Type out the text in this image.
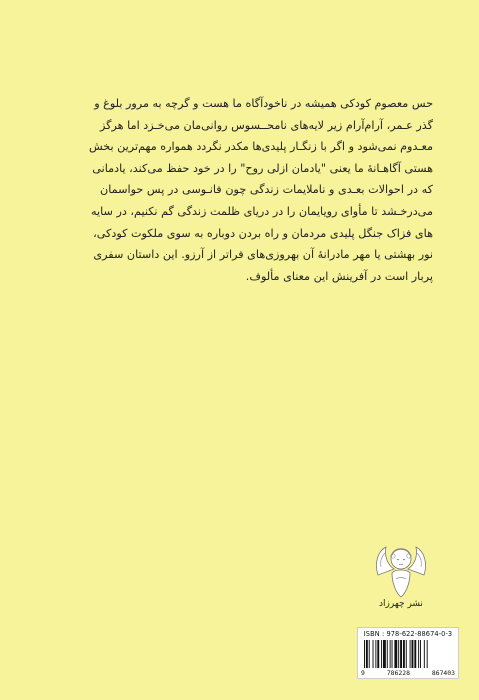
حس معصوم کودکی همیشه در ناخودآگاه ما هست و گرچه به مرور بلوغ و
گذر عـمر، آرام‌آرام زیر لایه‌های نامحــسوس روانی‌مان می‌خـزد اما هرگز
معـدوم نمی‌شود و اگر با زنگـار پلیدی‌ها مکدر نگردد همواره مهم‌ترین بخش
هستی آگاهـانهٔ ما یعنی "یادمان ازلی روح" را در خود حفظ می‌کند، یادمانی
که در احوالات بعـدی و ناملایمات زندگی چون فانـوسی در پس حواسمان
می‌درخـشد تا مأوای رویایمان را در دریای ظلمت زندگی گم نکنیم، در سایه
های فزاک جنگل پلیدی مردمان و راه بردن دوباره به سوی ملکوت کودکی،
نور بهشتی یا مهر مادرانهٔ آن بهروزی‌های فراتر از آرزو. این داستان سفری
پربار است در آفرینش این معنای مألوف.
نشر چهرزاد
ISBN : 978-622-88674-0-3
9	786228	867403
